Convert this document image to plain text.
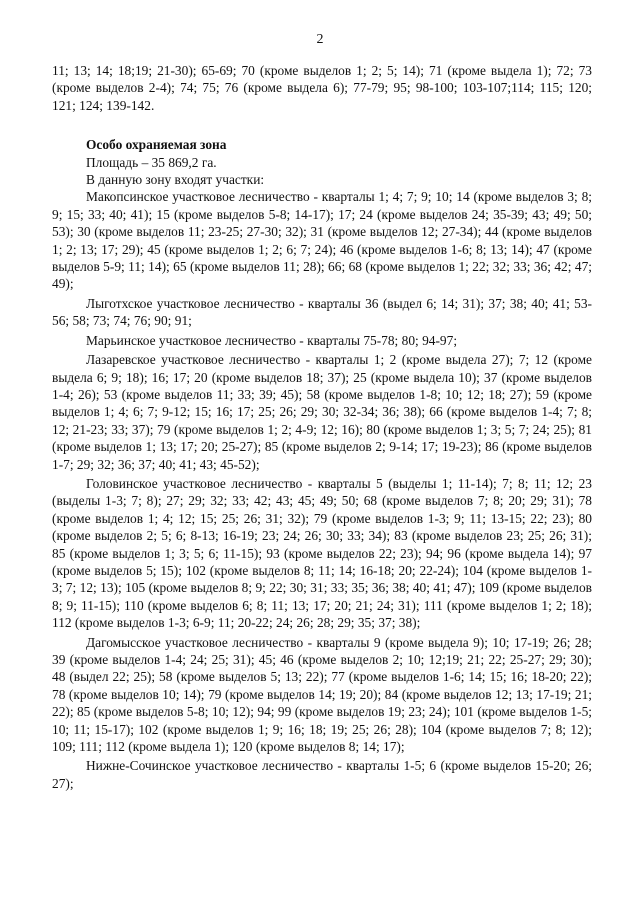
2

11; 13; 14; 18;19; 21-30); 65-69; 70 (кроме выделов 1; 2; 5; 14); 71 (кроме выдела 1); 72; 73 (кроме выделов 2-4); 74; 75; 76 (кроме выдела 6); 77-79; 95; 98-100; 103-107;114; 115; 120; 121; 124; 139-142.

Особо охраняемая зона

Площадь – 35 869,2 га.

В данную зону входят участки:

Макопсинское участковое лесничество - кварталы 1; 4; 7; 9; 10; 14 (кроме выделов 3; 8; 9; 15; 33; 40; 41); 15 (кроме выделов 5-8; 14-17); 17; 24 (кроме выделов 24; 35-39; 43; 49; 50; 53); 30 (кроме выделов 11; 23-25; 27-30; 32); 31 (кроме выделов 12; 27-34); 44 (кроме выделов 1; 2; 13; 17; 29); 45 (кроме выделов 1; 2; 6; 7; 24); 46 (кроме выделов 1-6; 8; 13; 14); 47 (кроме выделов 5-9; 11; 14); 65 (кроме выделов 11; 28); 66; 68 (кроме выделов 1; 22; 32; 33; 36; 42; 47; 49);

Лыготхское участковое лесничество - кварталы 36 (выдел 6; 14; 31); 37; 38; 40; 41; 53-56; 58; 73; 74; 76; 90; 91;

Марьинское участковое лесничество - кварталы 75-78; 80; 94-97;

Лазаревское участковое лесничество - кварталы 1; 2 (кроме выдела 27); 7; 12 (кроме выдела 6; 9; 18); 16; 17; 20 (кроме выделов 18; 37); 25 (кроме выдела 10); 37 (кроме выделов 1-4; 26); 53 (кроме выделов 11; 33; 39; 45); 58 (кроме выделов 1-8; 10; 12; 18; 27); 59 (кроме выделов 1; 4; 6; 7; 9-12; 15; 16; 17; 25; 26; 29; 30; 32-34; 36; 38); 66 (кроме выделов 1-4; 7; 8; 12; 21-23; 33; 37); 79 (кроме выделов 1; 2; 4-9; 12; 16); 80 (кроме выделов 1; 3; 5; 7; 24; 25); 81 (кроме выделов 1; 13; 17; 20; 25-27); 85 (кроме выделов 2; 9-14; 17; 19-23); 86 (кроме выделов 1-7; 29; 32; 36; 37; 40; 41; 43; 45-52);

Головинское участковое лесничество - кварталы 5 (выделы 1; 11-14); 7; 8; 11; 12; 23 (выделы 1-3; 7; 8); 27; 29; 32; 33; 42; 43; 45; 49; 50; 68 (кроме выделов 7; 8; 20; 29; 31); 78 (кроме выделов 1; 4; 12; 15; 25; 26; 31; 32); 79 (кроме выделов 1-3; 9; 11; 13-15; 22; 23); 80 (кроме выделов 2; 5; 6; 8-13; 16-19; 23; 24; 26; 30; 33; 34); 83 (кроме выделов 23; 25; 26; 31); 85 (кроме выделов 1; 3; 5; 6; 11-15); 93 (кроме выделов 22; 23); 94; 96 (кроме выдела 14); 97 (кроме выделов 5; 15); 102 (кроме выделов 8; 11; 14; 16-18; 20; 22-24); 104 (кроме выделов 1-3; 7; 12; 13); 105 (кроме выделов 8; 9; 22; 30; 31; 33; 35; 36; 38; 40; 41; 47); 109 (кроме выделов 8; 9; 11-15); 110 (кроме выделов 6; 8; 11; 13; 17; 20; 21; 24; 31); 111 (кроме выделов 1; 2; 18); 112 (кроме выделов 1-3; 6-9; 11; 20-22; 24; 26; 28; 29; 35; 37; 38);

Дагомысское участковое лесничество - кварталы 9 (кроме выдела 9); 10; 17-19; 26; 28; 39 (кроме выделов 1-4; 24; 25; 31); 45; 46 (кроме выделов 2; 10; 12;19; 21; 22; 25-27; 29; 30); 48 (выдел 22; 25); 58 (кроме выделов 5; 13; 22); 77 (кроме выделов 1-6; 14; 15; 16; 18-20; 22); 78 (кроме выделов 10; 14); 79 (кроме выделов 14; 19; 20); 84 (кроме выделов 12; 13; 17-19; 21; 22); 85 (кроме выделов 5-8; 10; 12); 94; 99 (кроме выделов 19; 23; 24); 101 (кроме выделов 1-5; 10; 11; 15-17); 102 (кроме выделов 1; 9; 16; 18; 19; 25; 26; 28); 104 (кроме выделов 7; 8; 12); 109; 111; 112 (кроме выдела 1); 120 (кроме выделов 8; 14; 17);

Нижне-Сочинское участковое лесничество - кварталы 1-5; 6 (кроме выделов 15-20; 26; 27);
